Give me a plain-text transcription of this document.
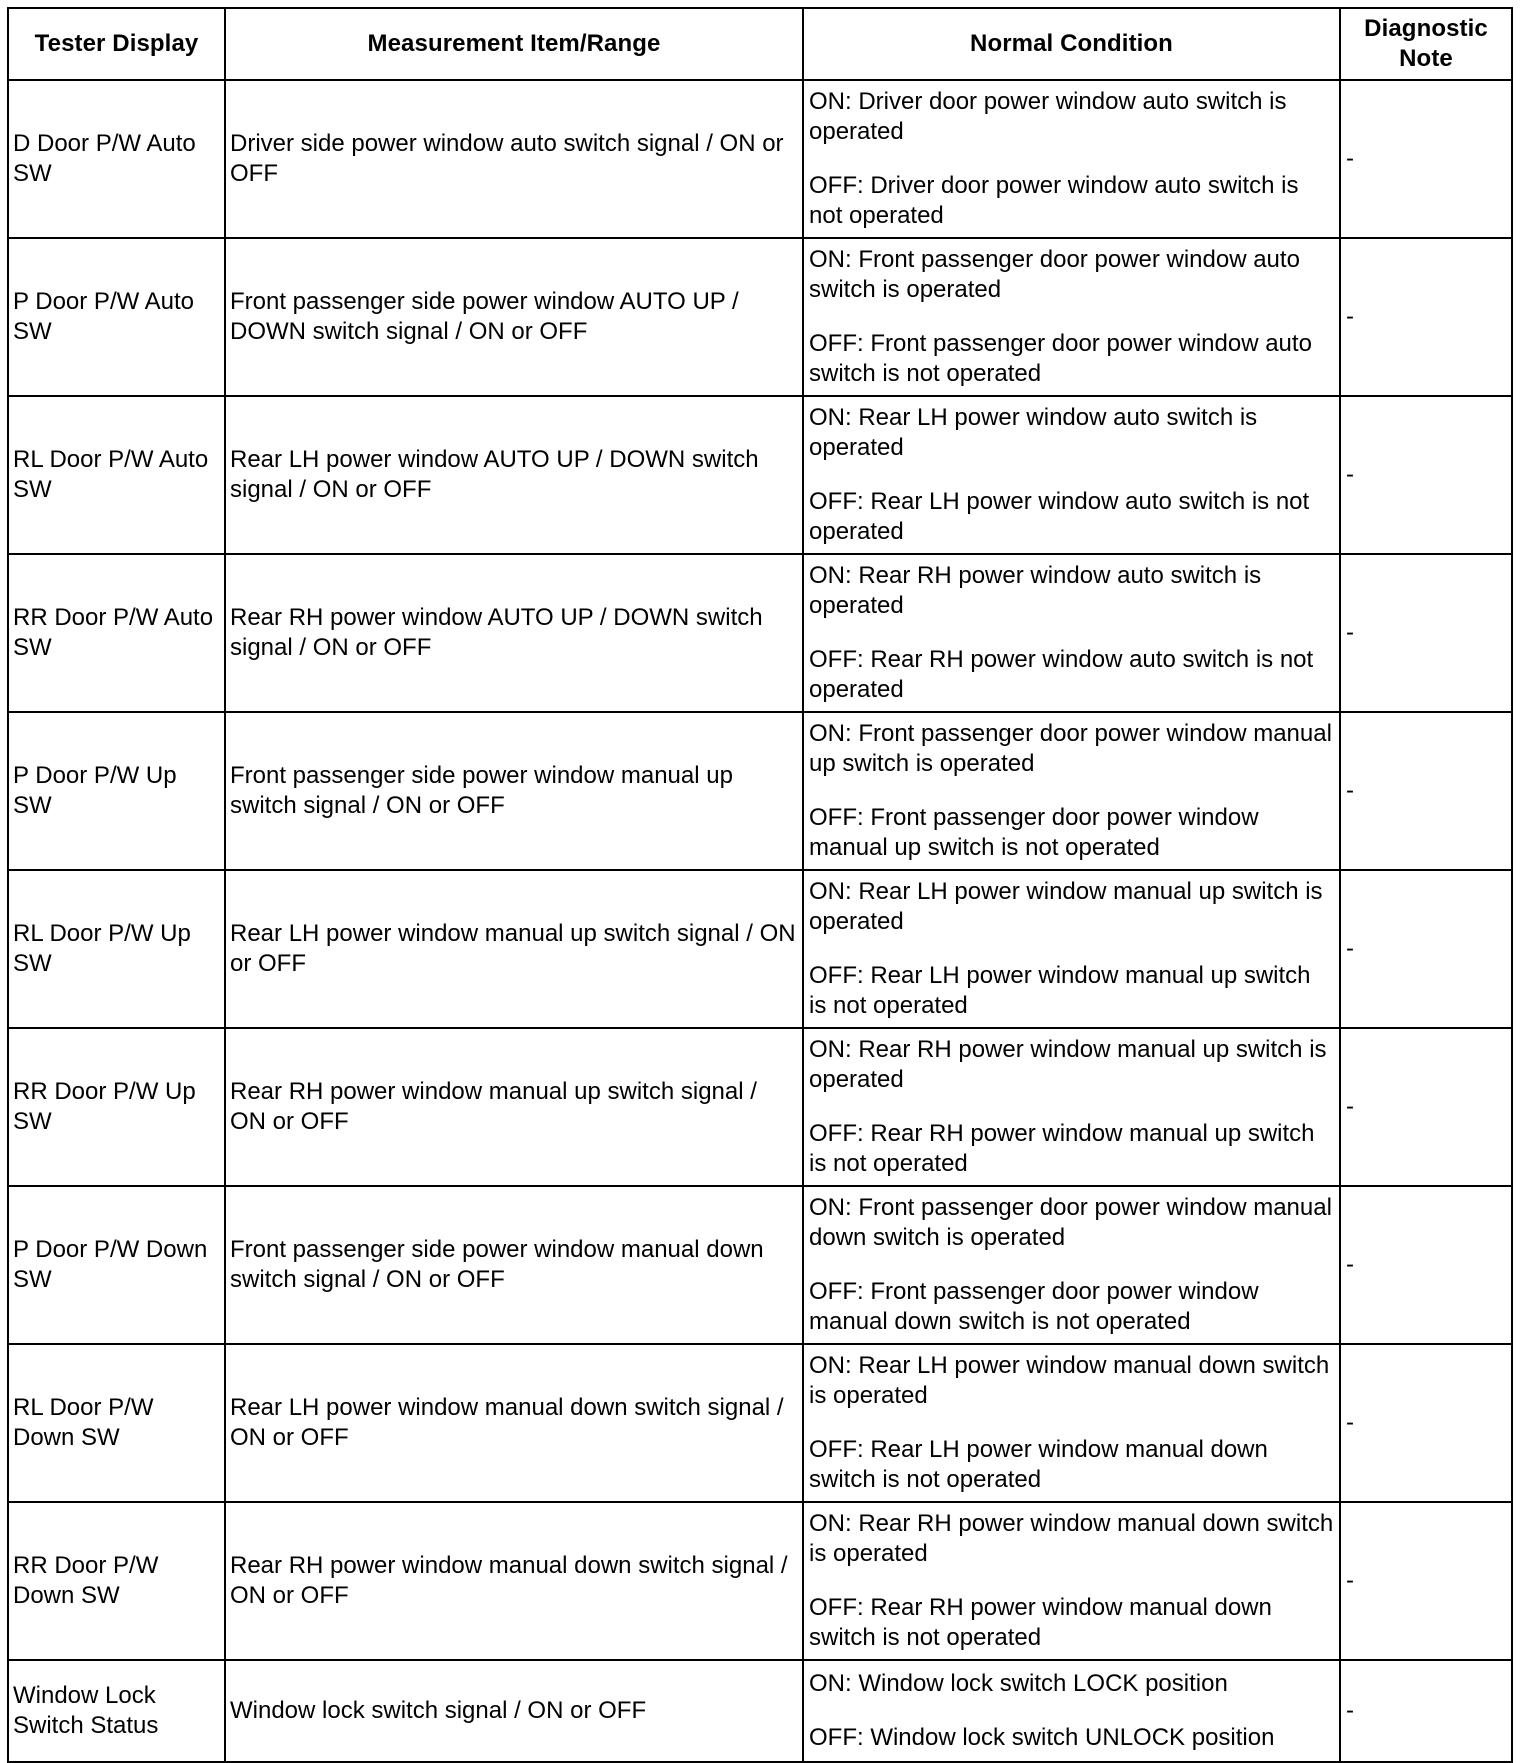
Tester Display	Measurement Item/Range	Normal Condition	Diagnostic Note

D Door P/W Auto SW	Driver side power window auto switch signal / ON or OFF	ON: Driver door power window auto switch is operated
OFF: Driver door power window auto switch is not operated	-

P Door P/W Auto SW	Front passenger side power window AUTO UP / DOWN switch signal / ON or OFF	ON: Front passenger door power window auto switch is operated
OFF: Front passenger door power window auto switch is not operated	-

RL Door P/W Auto SW	Rear LH power window AUTO UP / DOWN switch signal / ON or OFF	ON: Rear LH power window auto switch is operated
OFF: Rear LH power window auto switch is not operated	-

RR Door P/W Auto SW	Rear RH power window AUTO UP / DOWN switch signal / ON or OFF	ON: Rear RH power window auto switch is operated
OFF: Rear RH power window auto switch is not operated	-

P Door P/W Up SW	Front passenger side power window manual up switch signal / ON or OFF	ON: Front passenger door power window manual up switch is operated
OFF: Front passenger door power window manual up switch is not operated	-

RL Door P/W Up SW	Rear LH power window manual up switch signal / ON or OFF	ON: Rear LH power window manual up switch is operated
OFF: Rear LH power window manual up switch is not operated	-

RR Door P/W Up SW	Rear RH power window manual up switch signal / ON or OFF	ON: Rear RH power window manual up switch is operated
OFF: Rear RH power window manual up switch is not operated	-

P Door P/W Down SW	Front passenger side power window manual down switch signal / ON or OFF	ON: Front passenger door power window manual down switch is operated
OFF: Front passenger door power window manual down switch is not operated	-

RL Door P/W Down SW	Rear LH power window manual down switch signal / ON or OFF	ON: Rear LH power window manual down switch is operated
OFF: Rear LH power window manual down switch is not operated	-

RR Door P/W Down SW	Rear RH power window manual down switch signal / ON or OFF	ON: Rear RH power window manual down switch is operated
OFF: Rear RH power window manual down switch is not operated	-

Window Lock Switch Status	Window lock switch signal / ON or OFF	ON: Window lock switch LOCK position
OFF: Window lock switch UNLOCK position	-
